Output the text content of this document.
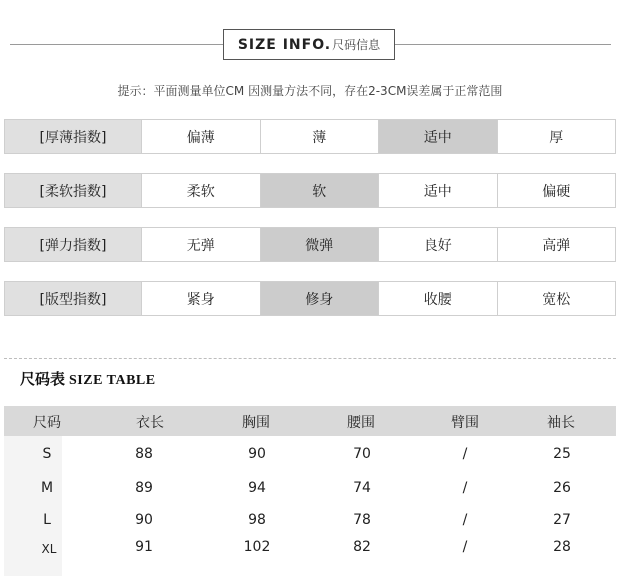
SIZE INFO. 尺码信息
提示：平面测量单位CM 因测量方法不同，存在2-3CM误差属于正常范围
[厚薄指数]	偏薄	薄	适中	厚
[柔软指数]	柔软	软	适中	偏硬
[弹力指数]	无弹	微弹	良好	高弹
[版型指数]	紧身	修身	收腰	宽松
尺码表 SIZE TABLE
尺码	衣长	胸围	腰围	臂围	袖长
S	88	90	70	/	25
M	89	94	74	/	26
L	90	98	78	/	27
XL	91	102	82	/	28
